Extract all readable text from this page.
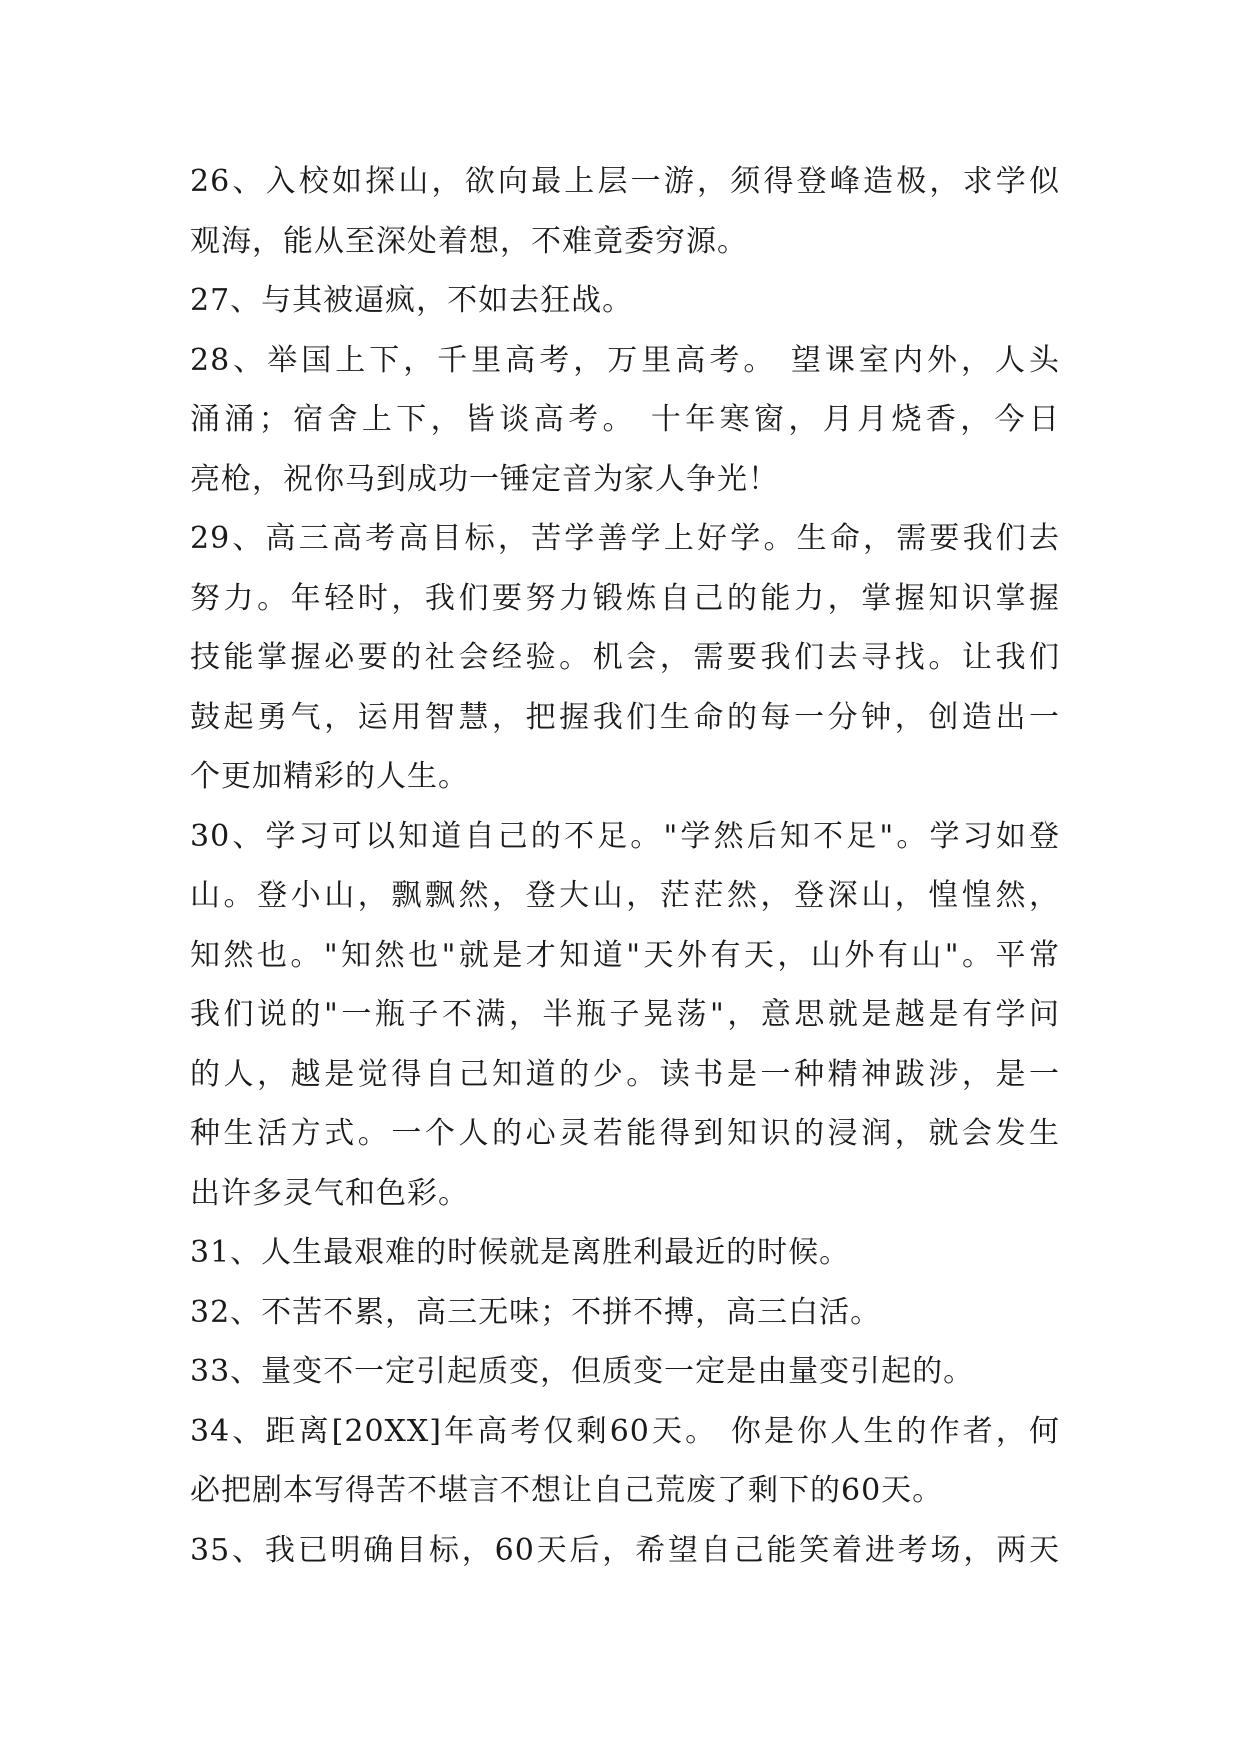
26、入校如探山，欲向最上层一游，须得登峰造极，求学似
观海，能从至深处着想，不难竟委穷源。
27、与其被逼疯，不如去狂战。
28、举国上下，千里高考，万里高考。 望课室内外，人头
涌涌；宿舍上下，皆谈高考。 十年寒窗，月月烧香，今日
亮枪，祝你马到成功一锤定音为家人争光！
29、高三高考高目标，苦学善学上好学。生命，需要我们去
努力。年轻时，我们要努力锻炼自己的能力，掌握知识掌握
技能掌握必要的社会经验。机会，需要我们去寻找。让我们
鼓起勇气，运用智慧，把握我们生命的每一分钟，创造出一
个更加精彩的人生。
30、学习可以知道自己的不足。"学然后知不足"。学习如登
山。登小山，飘飘然，登大山，茫茫然，登深山，惶惶然，
知然也。"知然也"就是才知道"天外有天，山外有山"。平常
我们说的"一瓶子不满，半瓶子晃荡"，意思就是越是有学问
的人，越是觉得自己知道的少。读书是一种精神跋涉，是一
种生活方式。一个人的心灵若能得到知识的浸润，就会发生
出许多灵气和色彩。
31、人生最艰难的时候就是离胜利最近的时候。
32、不苦不累，高三无味；不拼不搏，高三白活。
33、量变不一定引起质变，但质变一定是由量变引起的。
34、距离[20XX]年高考仅剩60天。 你是你人生的作者，何
必把剧本写得苦不堪言不想让自己荒废了剩下的60天。
35、我已明确目标，60天后，希望自己能笑着进考场，两天
